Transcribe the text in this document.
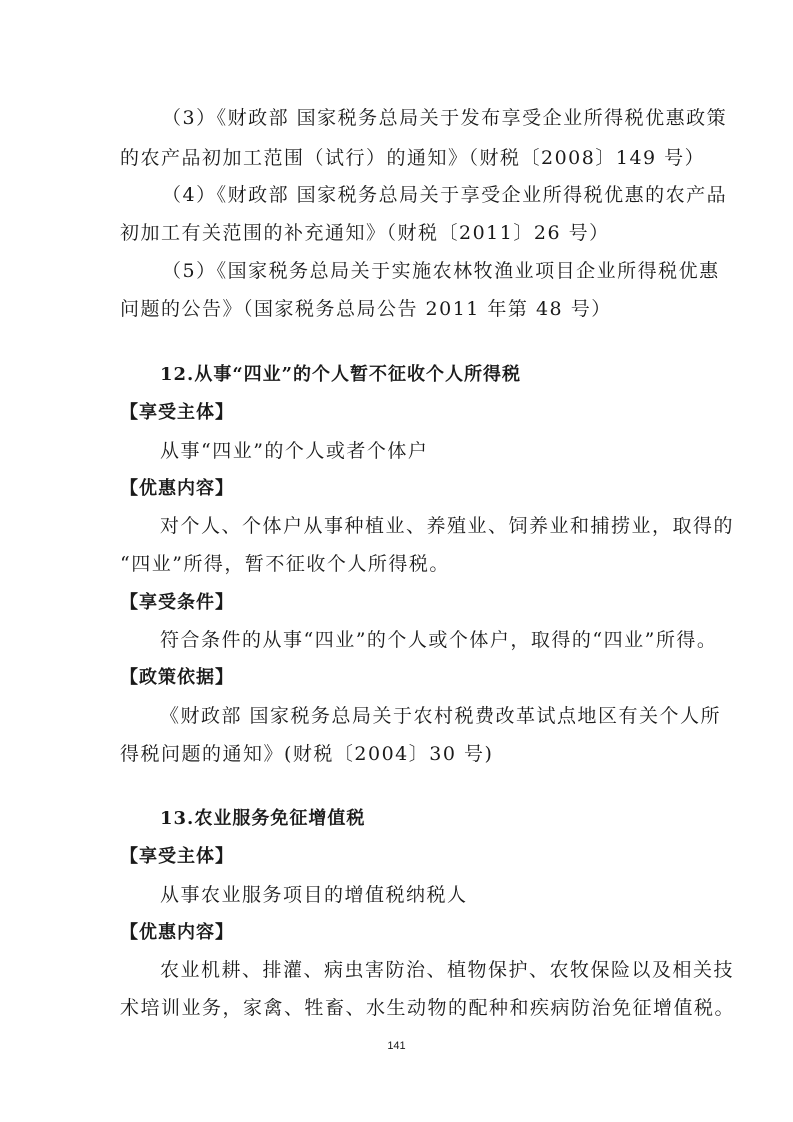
（3）《财政部 国家税务总局关于发布享受企业所得税优惠政策
的农产品初加工范围（试行）的通知》（财税〔2008〕149 号）
（4）《财政部 国家税务总局关于享受企业所得税优惠的农产品
初加工有关范围的补充通知》（财税〔2011〕26 号）
（5）《国家税务总局关于实施农林牧渔业项目企业所得税优惠
问题的公告》（国家税务总局公告 2011 年第 48 号）
12.从事“四业”的个人暂不征收个人所得税
【享受主体】
从事“四业”的个人或者个体户
【优惠内容】
对个人、个体户从事种植业、养殖业、饲养业和捕捞业，取得的
“四业”所得，暂不征收个人所得税。
【享受条件】
符合条件的从事“四业”的个人或个体户，取得的“四业”所得。
【政策依据】
《财政部 国家税务总局关于农村税费改革试点地区有关个人所
得税问题的通知》(财税〔2004〕30 号)
13.农业服务免征增值税
【享受主体】
从事农业服务项目的增值税纳税人
【优惠内容】
农业机耕、排灌、病虫害防治、植物保护、农牧保险以及相关技
术培训业务，家禽、牲畜、水生动物的配种和疾病防治免征增值税。
141
